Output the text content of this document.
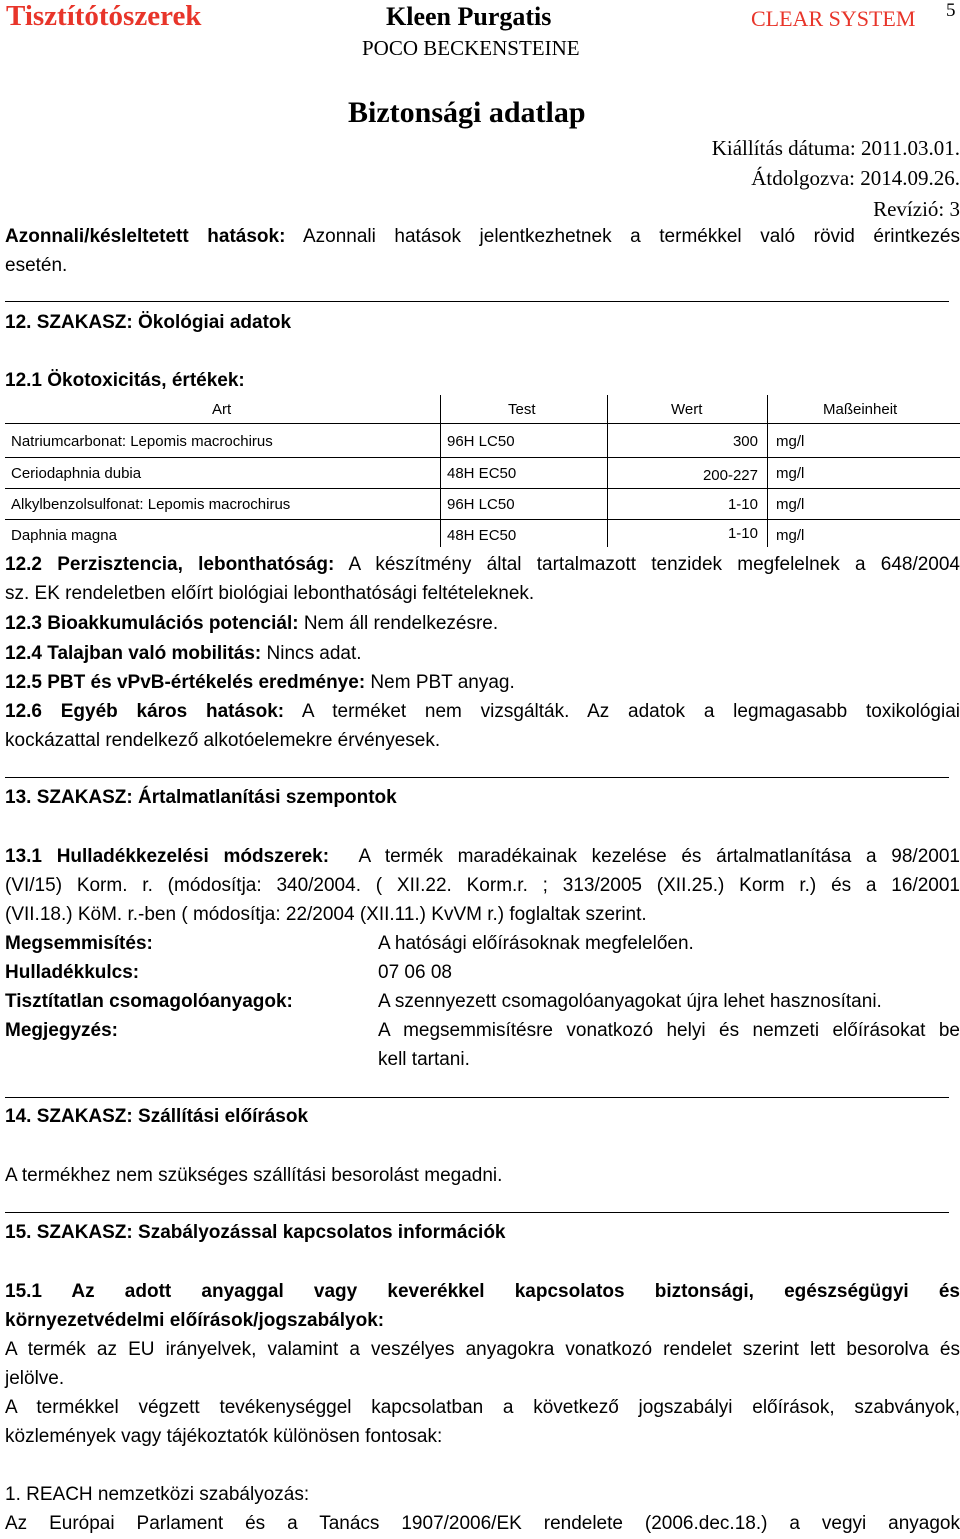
Tisztítótószerek	Kleen Purgatis
POCO BECKENSTEINE
CLEAR SYSTEM 5
Biztonsági adatlap
Kiállítás dátuma: 2011.03.01.
Átdolgozva: 2014.09.26.
Revízió: 3
Azonnali/késleltetett hatások: Azonnali hatások jelentkezhetnek a termékkel való rövid érintkezés
esetén.
12. SZAKASZ: Ökológiai adatok
12.1 Ökotoxicitás, értékek:
Art	Test	Wert	Maßeinheit
Natriumcarbonat: Lepomis macrochirus	96H LC50	300 mg/l
Ceriodaphnia dubia	48H EC50	200-227 mg/l
Alkylbenzolsulfonat: Lepomis macrochirus	96H LC50	1-10 mg/l
Daphnia magna	48H EC50	1-10 mg/l
12.2 Perzisztencia, lebonthatóság: A készítmény által tartalmazott tenzidek megfelelnek a 648/2004
sz. EK rendeletben előírt biológiai lebonthatósági feltételeknek.
12.3 Bioakkumulációs potenciál: Nem áll rendelkezésre.
12.4 Talajban való mobilitás: Nincs adat.
12.5 PBT és vPvB-értékelés eredménye: Nem PBT anyag.
12.6 Egyéb káros hatások: A terméket nem vizsgálták. Az adatok a legmagasabb toxikológiai
kockázattal rendelkező alkotóelemekre érvényesek.
13. SZAKASZ: Ártalmatlanítási szempontok
13.1 Hulladékkezelési módszerek: A termék maradékainak kezelése és ártalmatlanítása a 98/2001
(VI/15) Korm. r. (módosítja: 340/2004. ( XII.22. Korm.r. ; 313/2005 (XII.25.) Korm r.) és a 16/2001
(VII.18.) KöM. r.-ben ( módosítja: 22/2004 (XII.11.) KvVM r.) foglaltak szerint.
Megsemmisítés:	A hatósági előírásoknak megfelelően.
Hulladékkulcs:	07 06 08
Tisztítatlan csomagolóanyagok:	A szennyezett csomagolóanyagokat újra lehet hasznosítani.
Megjegyzés:	A megsemmisítésre vonatkozó helyi és nemzeti előírásokat be
kell tartani.
14. SZAKASZ: Szállítási előírások
A termékhez nem szükséges szállítási besorolást megadni.
15. SZAKASZ: Szabályozással kapcsolatos információk
15.1 Az adott anyaggal vagy keverékkel kapcsolatos biztonsági, egészségügyi és
környezetvédelmi előírások/jogszabályok:
A termék az EU irányelvek, valamint a veszélyes anyagokra vonatkozó rendelet szerint lett besorolva és
jelölve.
A termékkel végzett tevékenységgel kapcsolatban a következő jogszabályi előírások, szabványok,
közlemények vagy tájékoztatók különösen fontosak:
1. REACH nemzetközi szabályozás:
Az Európai Parlament és a Tanács 1907/2006/EK rendelete (2006.dec.18.) a vegyi anyagok
